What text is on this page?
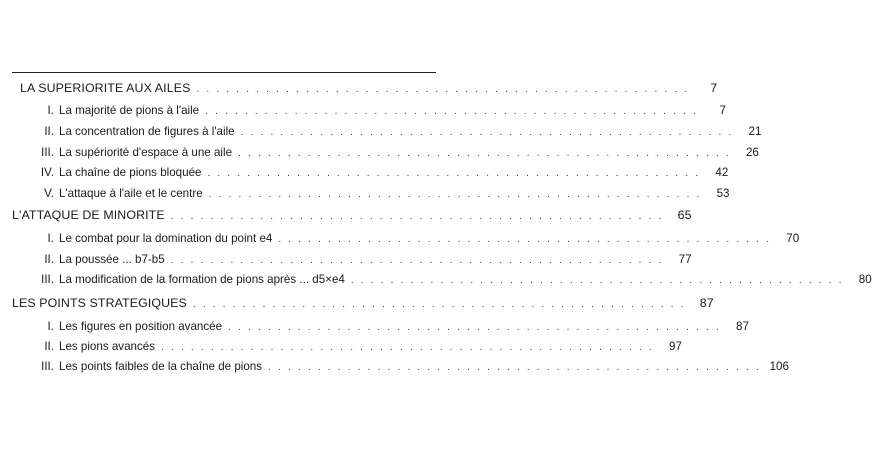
LA SUPERIORITE AUX AILES . . . . . . . . . . . . . . . . . . . . . . . . . . . . . . . . . . . . . . . . . . . . . . . . . .	7
I. La majorité de pions à l'aile . . . . . . . . . . . . . . . . . . . . . . . . . . . . . . . . . . . . . . . . . . . . . . . . . .	7
II. La concentration de figures à l'aile . . . . . . . . . . . . . . . . . . . . . . . . . . . . . . . . . . . . . . . . . . . . . . . . . .	21
III. La supériorité d'espace à une aile . . . . . . . . . . . . . . . . . . . . . . . . . . . . . . . . . . . . . . . . . . . . . . . . . .	26
IV. La chaîne de pions bloquée . . . . . . . . . . . . . . . . . . . . . . . . . . . . . . . . . . . . . . . . . . . . . . . . . .	42
V. L'attaque à l'aile et le centre . . . . . . . . . . . . . . . . . . . . . . . . . . . . . . . . . . . . . . . . . . . . . . . . . .	53
L'ATTAQUE DE MINORITE . . . . . . . . . . . . . . . . . . . . . . . . . . . . . . . . . . . . . . . . . . . . . . . . . .	65
I. Le combat pour la domination du point e4 . . . . . . . . . . . . . . . . . . . . . . . . . . . . . . . . . . . . . . . . . . . . . . . . . .	70
II. La poussée ... b7-b5 . . . . . . . . . . . . . . . . . . . . . . . . . . . . . . . . . . . . . . . . . . . . . . . . . .	77
III. La modification de la formation de pions après ... d5×e4 . . . . . . . . . . . . . . . . . . . . . . . . . . . . . . . . . . . . . . . . . . . . . . . . . .	80
LES POINTS STRATEGIQUES . . . . . . . . . . . . . . . . . . . . . . . . . . . . . . . . . . . . . . . . . . . . . . . . . .	87
I. Les figures en position avancée . . . . . . . . . . . . . . . . . . . . . . . . . . . . . . . . . . . . . . . . . . . . . . . . . .	87
II. Les pions avancés . . . . . . . . . . . . . . . . . . . . . . . . . . . . . . . . . . . . . . . . . . . . . . . . . .	97
III. Les points faibles de la chaîne de pions . . . . . . . . . . . . . . . . . . . . . . . . . . . . . . . . . . . . . . . . . . . . . . . . . . 106
